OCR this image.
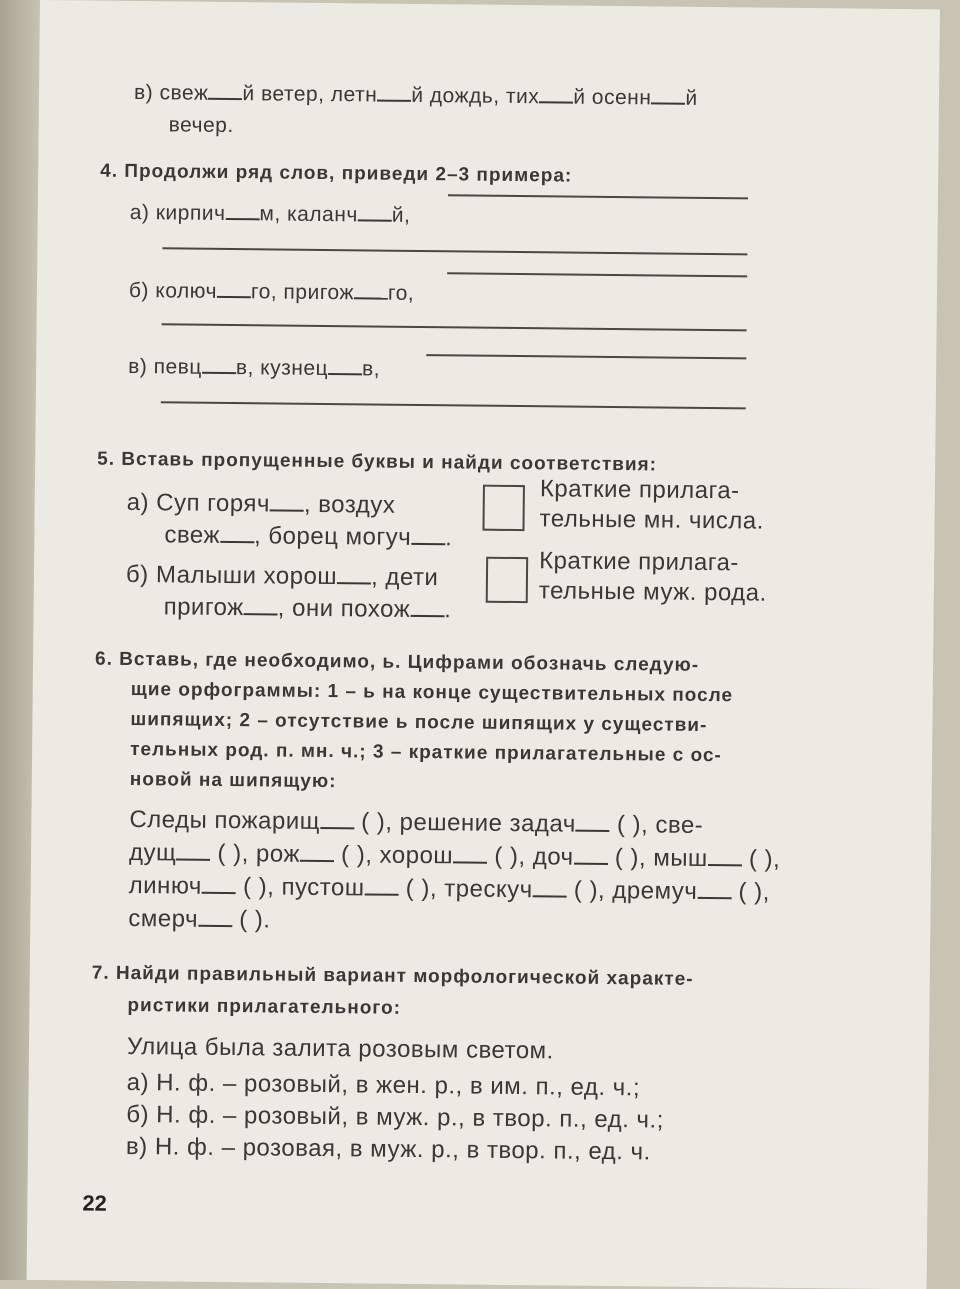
в) свеж й ветер, летн й дождь, тих й осенн й
вечер.
4. Продолжи ряд слов, приведи 2–3 примера:
а) кирпич м, каланч й,
б) колюч го, пригож го,
в) певц в, кузнец в,
5. Вставь пропущенные буквы и найди соответствия:
а) Суп горяч , воздух
свеж , борец могуч .
Краткие прилага-
тельные мн. числа.
б) Малыши хорош , дети
пригож , они похож .
Краткие прилага-
тельные муж. рода.
6. Вставь, где необходимо, ь. Цифрами обозначь следую-
щие орфограммы: 1 – ь на конце существительных после
шипящих; 2 – отсутствие ь после шипящих у существи-
тельных род. п. мн. ч.; 3 – краткие прилагательные с ос-
новой на шипящую:
Следы пожарищ ( ), решение задач ( ), све-
дущ ( ), рож ( ), хорош ( ), доч ( ), мыш ( ),
линюч ( ), пустош ( ), трескуч ( ), дремуч ( ),
смерч ( ).
7. Найди правильный вариант морфологической характе-
ристики прилагательного:
Улица была залита розовым светом.
а) Н. ф. – розовый, в жен. р., в им. п., ед. ч.;
б) Н. ф. – розовый, в муж. р., в твор. п., ед. ч.;
в) Н. ф. – розовая, в муж. р., в твор. п., ед. ч.
22
